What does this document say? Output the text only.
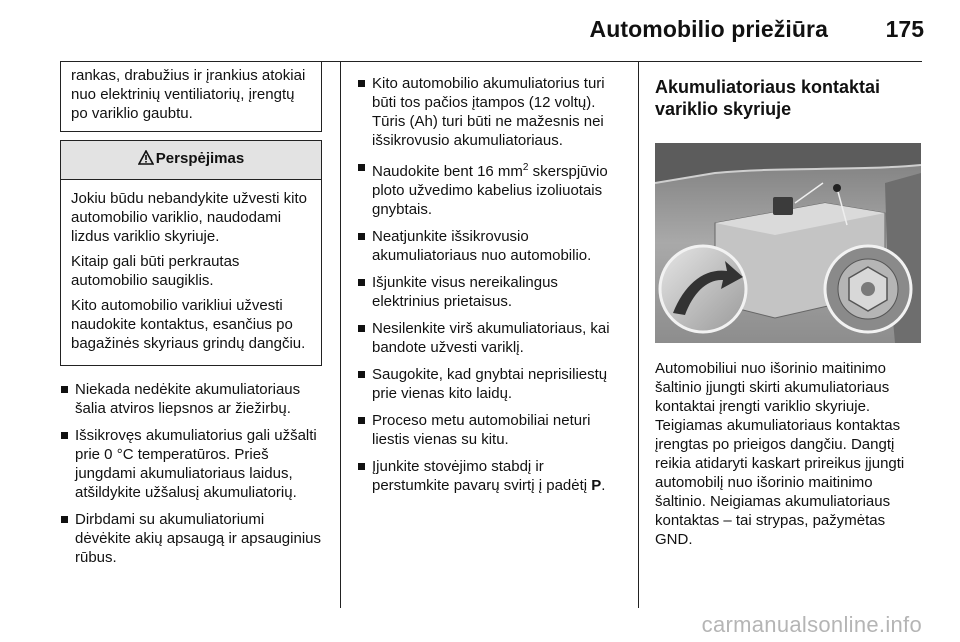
Automobilio priežiūra	175

rankas, drabužius ir įrankius atokiai nuo elektrinių ventiliatorių, įrengtų po variklio gaubtu.

Perspėjimas

Jokiu būdu nebandykite užvesti kito automobilio variklio, naudodami lizdus variklio skyriuje.

Kitaip gali būti perkrautas automobilio saugiklis.

Kito automobilio varikliui užvesti naudokite kontaktus, esančius po bagažinės skyriaus grindų dangčiu.

Niekada nedėkite akumuliatoriaus šalia atviros liepsnos ar žiežirbų.
Išsikrovęs akumuliatorius gali užšalti prie 0 °C temperatūros. Prieš jungdami akumuliatoriaus laidus, atšildykite užšalusį akumuliatorių.
Dirbdami su akumuliatoriumi dėvėkite akių apsaugą ir apsauginius rūbus.
Kito automobilio akumuliatorius turi būti tos pačios įtampos (12 voltų). Tūris (Ah) turi būti ne mažesnis nei išsikrovusio akumuliatoriaus.
Naudokite bent 16 $mm^2$ skerspjūvio ploto užvedimo kabelius izoliuotais gnybtais.
Neatjunkite išsikrovusio akumuliatoriaus nuo automobilio.
Išjunkite visus nereikalingus elektrinius prietaisus.
Nesilenkite virš akumuliatoriaus, kai bandote užvesti variklį.
Saugokite, kad gnybtai neprisiliestų prie vienas kito laidų.
Proceso metu automobiliai neturi liestis vienas su kitu.
Įjunkite stovėjimo stabdį ir perstumkite pavarų svirtį į padėtį P.
Akumuliatoriaus kontaktai variklio skyriuje

Automobiliui nuo išorinio maitinimo šaltinio įjungti skirti akumuliatoriaus kontaktai įrengti variklio skyriuje. Teigiamas akumuliatoriaus kontaktas įrengtas po prieigos dangčiu. Dangtį reikia atidaryti kaskart prireikus įjungti automobilį nuo išorinio maitinimo šaltinio. Neigiamas akumuliatoriaus kontaktas – tai strypas, pažymėtas GND.

carmanualsonline.info
